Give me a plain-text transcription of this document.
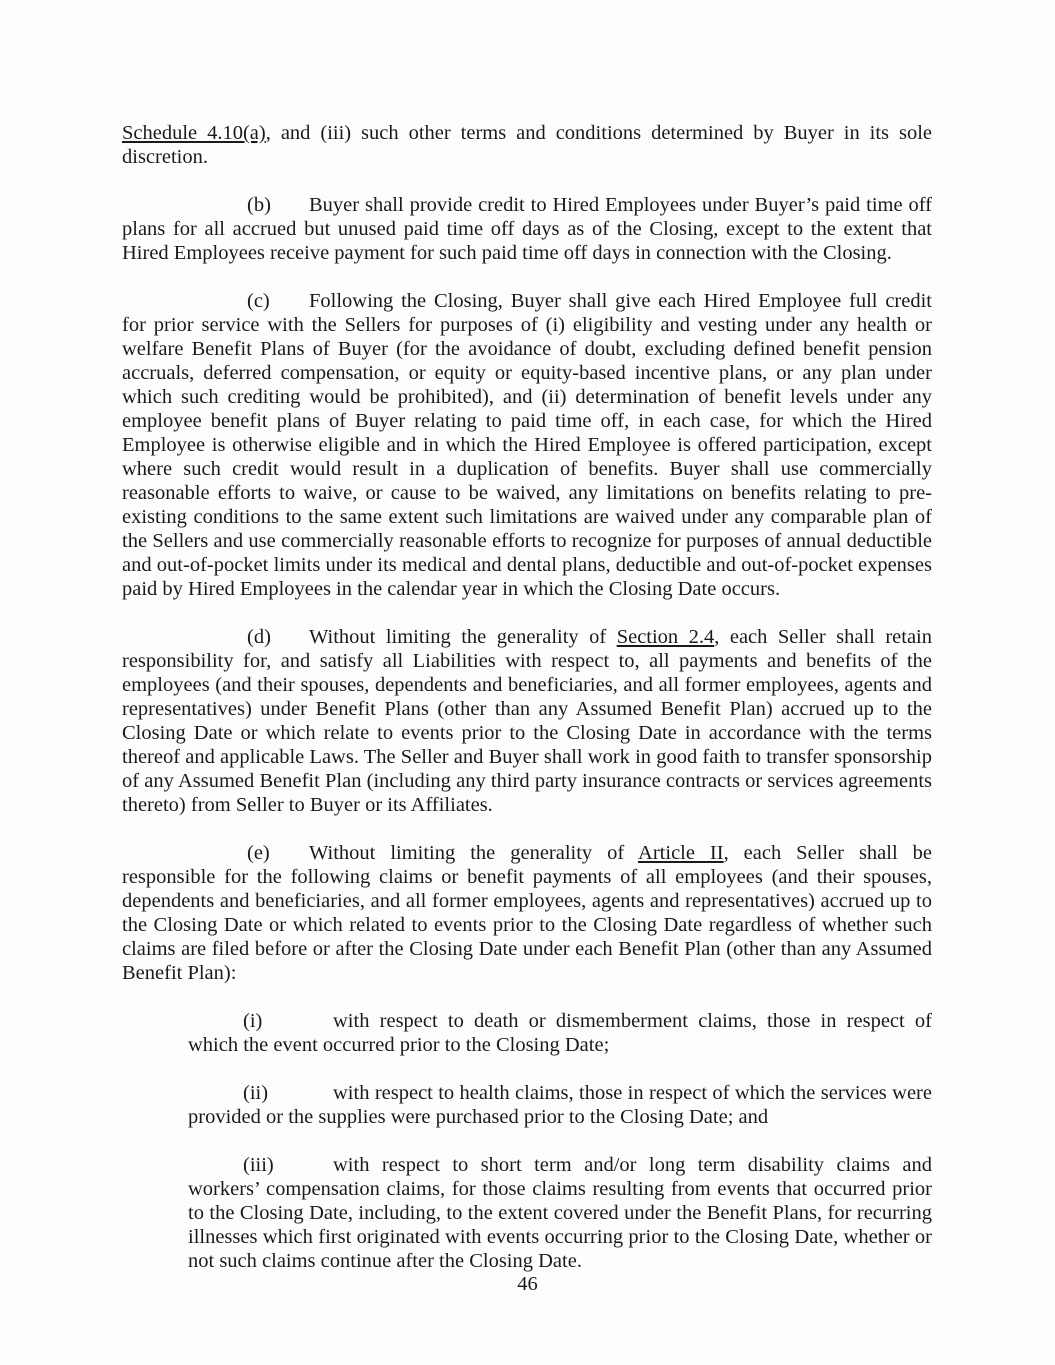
Schedule 4.10(a), and (iii) such other terms and conditions determined by Buyer in its sole discretion.

(b) Buyer shall provide credit to Hired Employees under Buyer’s paid time off plans for all accrued but unused paid time off days as of the Closing, except to the extent that Hired Employees receive payment for such paid time off days in connection with the Closing.

(c) Following the Closing, Buyer shall give each Hired Employee full credit for prior service with the Sellers for purposes of (i) eligibility and vesting under any health or welfare Benefit Plans of Buyer (for the avoidance of doubt, excluding defined benefit pension accruals, deferred compensation, or equity or equity-based incentive plans, or any plan under which such crediting would be prohibited), and (ii) determination of benefit levels under any employee benefit plans of Buyer relating to paid time off, in each case, for which the Hired Employee is otherwise eligible and in which the Hired Employee is offered participation, except where such credit would result in a duplication of benefits. Buyer shall use commercially reasonable efforts to waive, or cause to be waived, any limitations on benefits relating to pre-existing conditions to the same extent such limitations are waived under any comparable plan of the Sellers and use commercially reasonable efforts to recognize for purposes of annual deductible and out-of-pocket limits under its medical and dental plans, deductible and out-of-pocket expenses paid by Hired Employees in the calendar year in which the Closing Date occurs.

(d) Without limiting the generality of Section 2.4, each Seller shall retain responsibility for, and satisfy all Liabilities with respect to, all payments and benefits of the employees (and their spouses, dependents and beneficiaries, and all former employees, agents and representatives) under Benefit Plans (other than any Assumed Benefit Plan) accrued up to the Closing Date or which relate to events prior to the Closing Date in accordance with the terms thereof and applicable Laws. The Seller and Buyer shall work in good faith to transfer sponsorship of any Assumed Benefit Plan (including any third party insurance contracts or services agreements thereto) from Seller to Buyer or its Affiliates.

(e) Without limiting the generality of Article II, each Seller shall be responsible for the following claims or benefit payments of all employees (and their spouses, dependents and beneficiaries, and all former employees, agents and representatives) accrued up to the Closing Date or which related to events prior to the Closing Date regardless of whether such claims are filed before or after the Closing Date under each Benefit Plan (other than any Assumed Benefit Plan):

(i)	with respect to death or dismemberment claims, those in respect of which the event occurred prior to the Closing Date;

(ii)	with respect to health claims, those in respect of which the services were provided or the supplies were purchased prior to the Closing Date; and

(iii)	with respect to short term and/or long term disability claims and workers’ compensation claims, for those claims resulting from events that occurred prior to the Closing Date, including, to the extent covered under the Benefit Plans, for recurring illnesses which first originated with events occurring prior to the Closing Date, whether or not such claims continue after the Closing Date.

46
